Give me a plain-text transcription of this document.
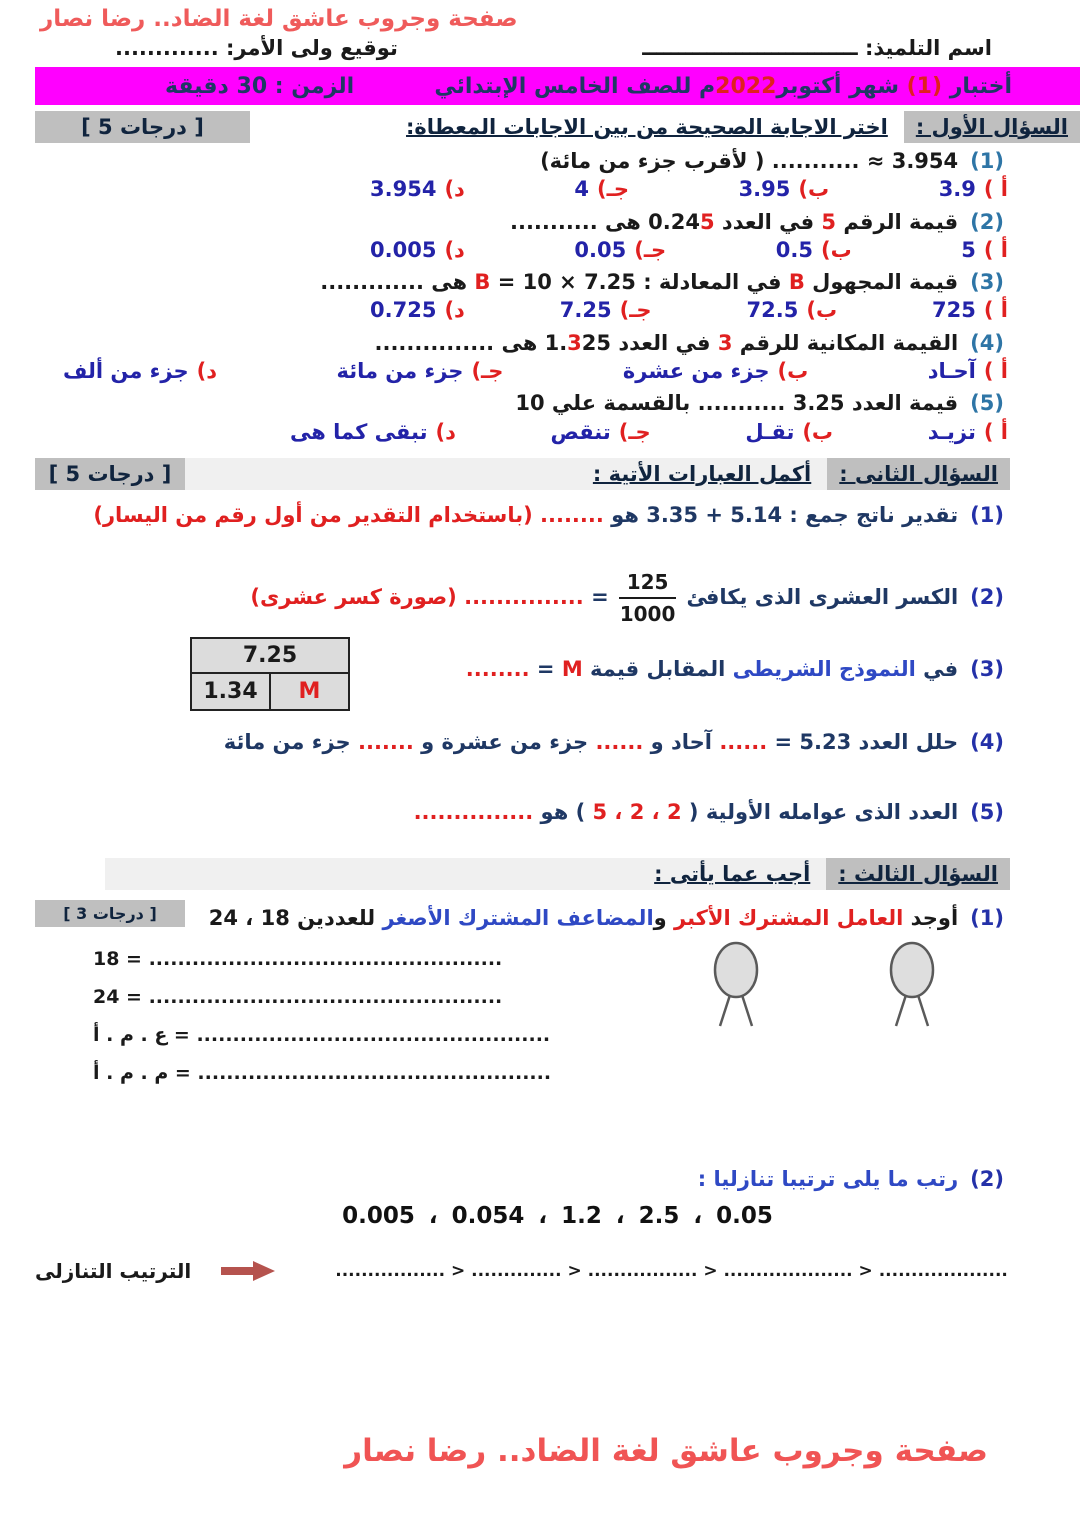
صفحة وجروب عاشق لغة الضاد.. رضا نصار
اسم التلميذ: ــــــــــــــــــــــــــــــ
توقيع ولى الأمر: .............
أختبار (1) شهر أكتوبر2022م للصف الخامس الإبتدائي
الزمن : 30 دقيقة
السؤال الأول :
اختر الاجابة الصحيحة من بين الاجابات المعطاة:
[ 5 درجات ]
(1)3.954 ≈ ........... ( لأقرب جزء من مائة)
أ )3.9
ب)3.95
جـ)4
د)3.954
(2)قيمة الرقم 5 في العدد 0.245 هى ...........
أ )5
ب)0.5
جـ)0.05
د)0.005
(3)قيمة المجهول B في المعادلة : B = 10 × 7.25 هى .............
أ )725
ب)72.5
جـ)7.25
د)0.725
(4)القيمة المكانية للرقم 3 في العدد 1.325 هى ...............
أ )آحـاد
ب)جزء من عشرة
جـ)جزء من مائة
د)جزء من ألف
(5)قيمة العدد 3.25 ........... بالقسمة علي 10
أ )تزيـد
ب)تقـل
جـ)تنقص
د)تبقى كما هى
السؤال الثانى :
أكمل العبارات الأتية :
[ 5 درجات ]
(1)تقدير ناتج جمع : 5.14 + 3.35 هو ........ (باستخدام التقدير من أول رقم من اليسار)
(2)الكسر العشرى الذى يكافئ
$\frac{125}{1000}$
= ............... (صورة كسر عشرى)
(3)في النموذج الشريطى المقابل قيمة M = ........
7.25
1.34	M
(4)حلل العدد 5.23 = ...... آحاد و ...... جزء من عشرة و ....... جزء من مائة
(5)العدد الذى عوامله الأولية ( 2 ، 2 ، 5 ) هو ...............
السؤال الثالث :
أجب عما يأتى :
(1)أوجد العامل المشترك الأكبر والمضاعف المشترك الأصغر للعددين 18 ، 24
[ 3 درجات ]
18 = .................................................
24 = .................................................
ع . م . أ = .................................................
م . م . أ = .................................................
(2)رتب ما يلى ترتيبا تنازليا :
0.05 ، 2.5 ، 1.2 ، 0.054 ، 0.005
الترتيب التنازلى	................. > .............. > ................. > .................... > ....................
صفحة وجروب عاشق لغة الضاد.. رضا نصار
